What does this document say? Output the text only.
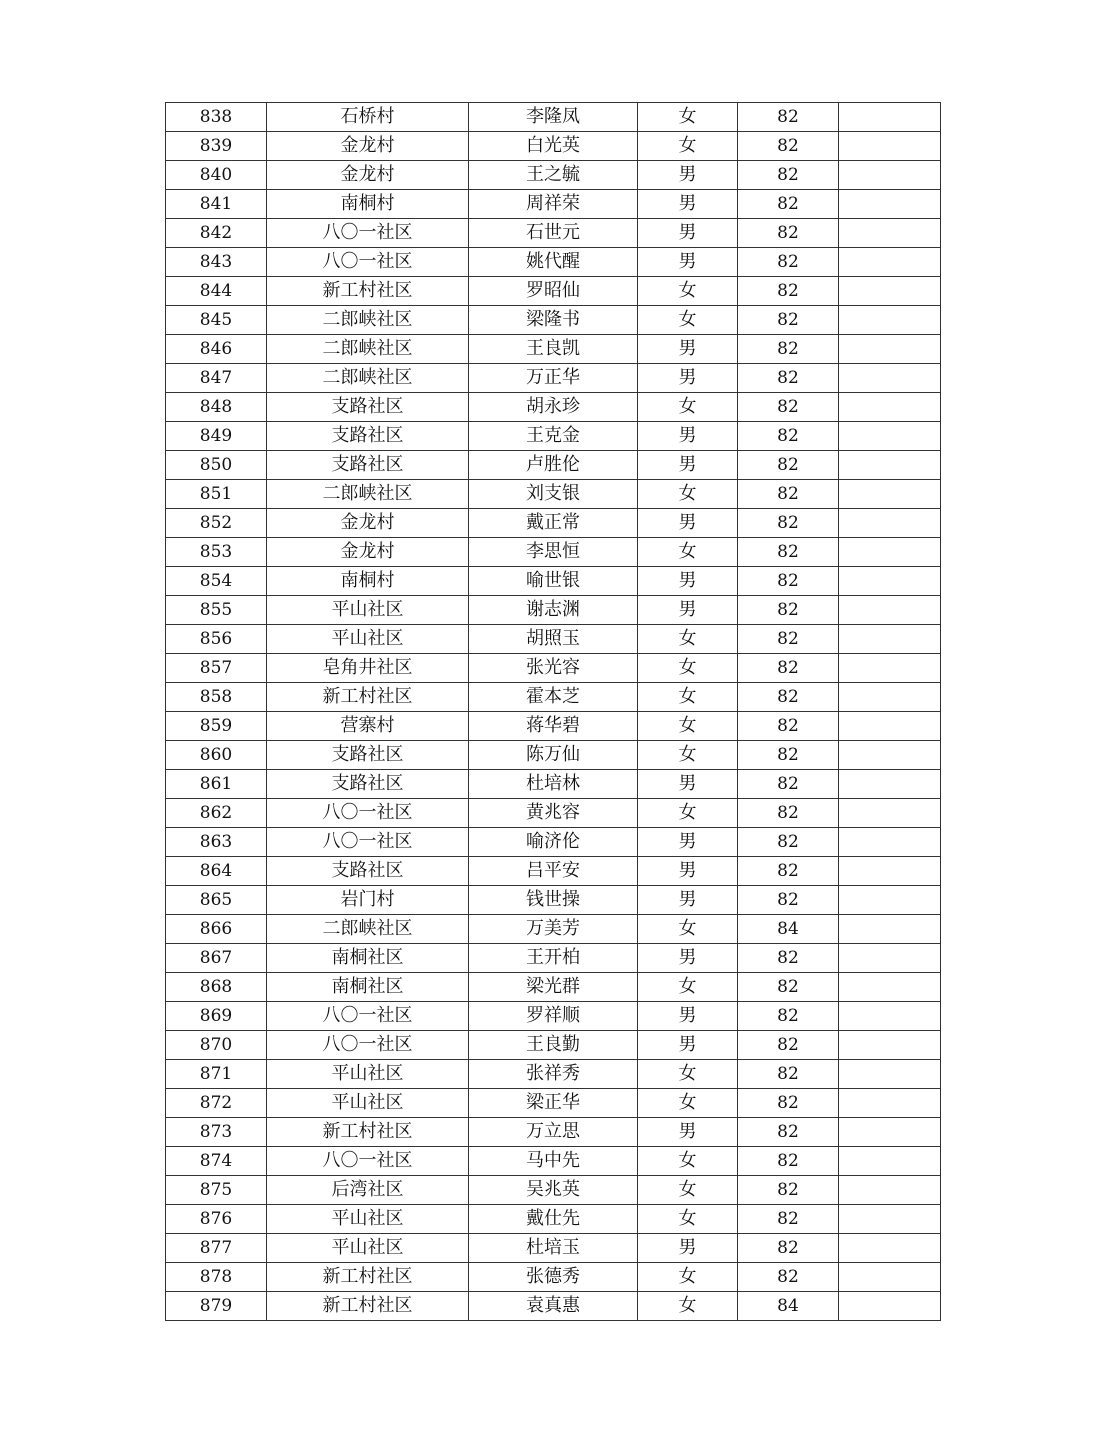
838	石桥村	李隆凤	女	82	
839	金龙村	白光英	女	82	
840	金龙村	王之毓	男	82	
841	南桐村	周祥荣	男	82	
842	八〇一社区	石世元	男	82	
843	八〇一社区	姚代醒	男	82	
844	新工村社区	罗昭仙	女	82	
845	二郎峡社区	梁隆书	女	82	
846	二郎峡社区	王良凯	男	82	
847	二郎峡社区	万正华	男	82	
848	支路社区	胡永珍	女	82	
849	支路社区	王克金	男	82	
850	支路社区	卢胜伦	男	82	
851	二郎峡社区	刘支银	女	82	
852	金龙村	戴正常	男	82	
853	金龙村	李思恒	女	82	
854	南桐村	喻世银	男	82	
855	平山社区	谢志渊	男	82	
856	平山社区	胡照玉	女	82	
857	皂角井社区	张光容	女	82	
858	新工村社区	霍本芝	女	82	
859	营寨村	蒋华碧	女	82	
860	支路社区	陈万仙	女	82	
861	支路社区	杜培林	男	82	
862	八〇一社区	黄兆容	女	82	
863	八〇一社区	喻济伦	男	82	
864	支路社区	吕平安	男	82	
865	岩门村	钱世操	男	82	
866	二郎峡社区	万美芳	女	84	
867	南桐社区	王开柏	男	82	
868	南桐社区	梁光群	女	82	
869	八〇一社区	罗祥顺	男	82	
870	八〇一社区	王良勤	男	82	
871	平山社区	张祥秀	女	82	
872	平山社区	梁正华	女	82	
873	新工村社区	万立思	男	82	
874	八〇一社区	马中先	女	82	
875	后湾社区	吴兆英	女	82	
876	平山社区	戴仕先	女	82	
877	平山社区	杜培玉	男	82	
878	新工村社区	张德秀	女	82	
879	新工村社区	袁真惠	女	84	
